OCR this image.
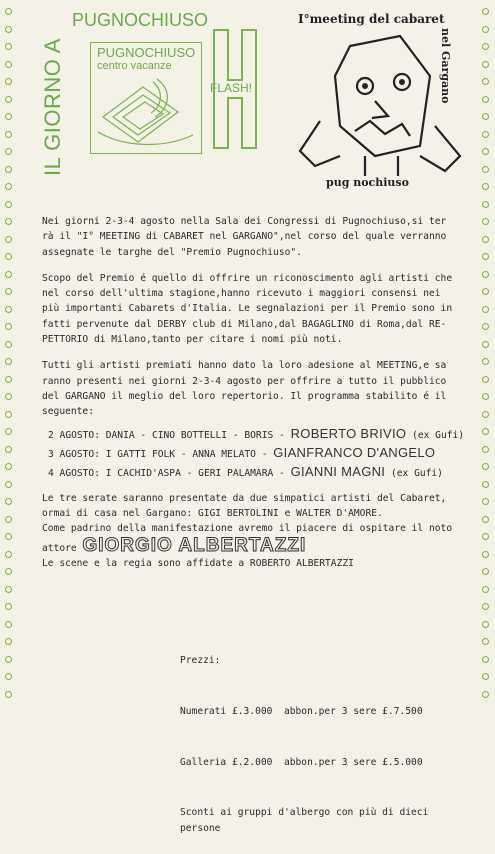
IL GIORNO A
PUGNOCHIUSO
PUGNOCHIUSO
centro vacanze
FLASH!
I°meeting del cabaret
nel Gargano
pug nochiuso
Nei giorni 2-3-4 agosto nella Sala dei Congressi di Pugnochiuso,si ter
rà il "I° MEETING di CABARET nel GARGANO",nel corso del quale verranno
assegnate le targhe del "Premio Pugnochiuso".
Scopo del Premio é quello di offrire un riconoscimento agli artisti che
nel corso dell'ultima stagione,hanno ricevuto i maggiori consensi nei
più importanti Cabarets d'Italia. Le segnalazioni per il Premio sono in
fatti pervenute dal DERBY club di Milano,dal BAGAGLINO di Roma,dal RE-
PETTORIO di Milano,tanto per citare i nomi più noti.
Tutti gli artisti premiati hanno dato la loro adesione al MEETING,e sa
ranno presenti nei giorni 2-3-4 agosto per offrire a tutto il pubblico
del GARGANO il meglio del loro repertorio. Il programma stabilito é il
seguente:
2 AGOSTO: DANIA - CINO BOTTELLI - BORIS - ROBERTO BRIVIO (ex Gufi)
3 AGOSTO: I GATTI FOLK - ANNA MELATO - GIANFRANCO D'ANGELO
4 AGOSTO: I CACHID'ASPA - GERI PALAMARA - GIANNI MAGNI (ex Gufi)
Le tre serate saranno presentate da due simpatici artisti del Cabaret,
ormai di casa nel Gargano: GIGI BERTOLINI e WALTER D'AMORE.
Come padrino della manifestazione avremo il piacere di ospitare il noto
attore GIORGIO ALBERTAZZI
Le scene e la regia sono affidate a ROBERTO ALBERTAZZI

Prezzi:

Numerati £.3.000  abbon.per 3 sere £.7.500

Galleria £.2.000  abbon.per 3 sere £.5.000

Sconti ai gruppi d'albergo con più di dieci persone
